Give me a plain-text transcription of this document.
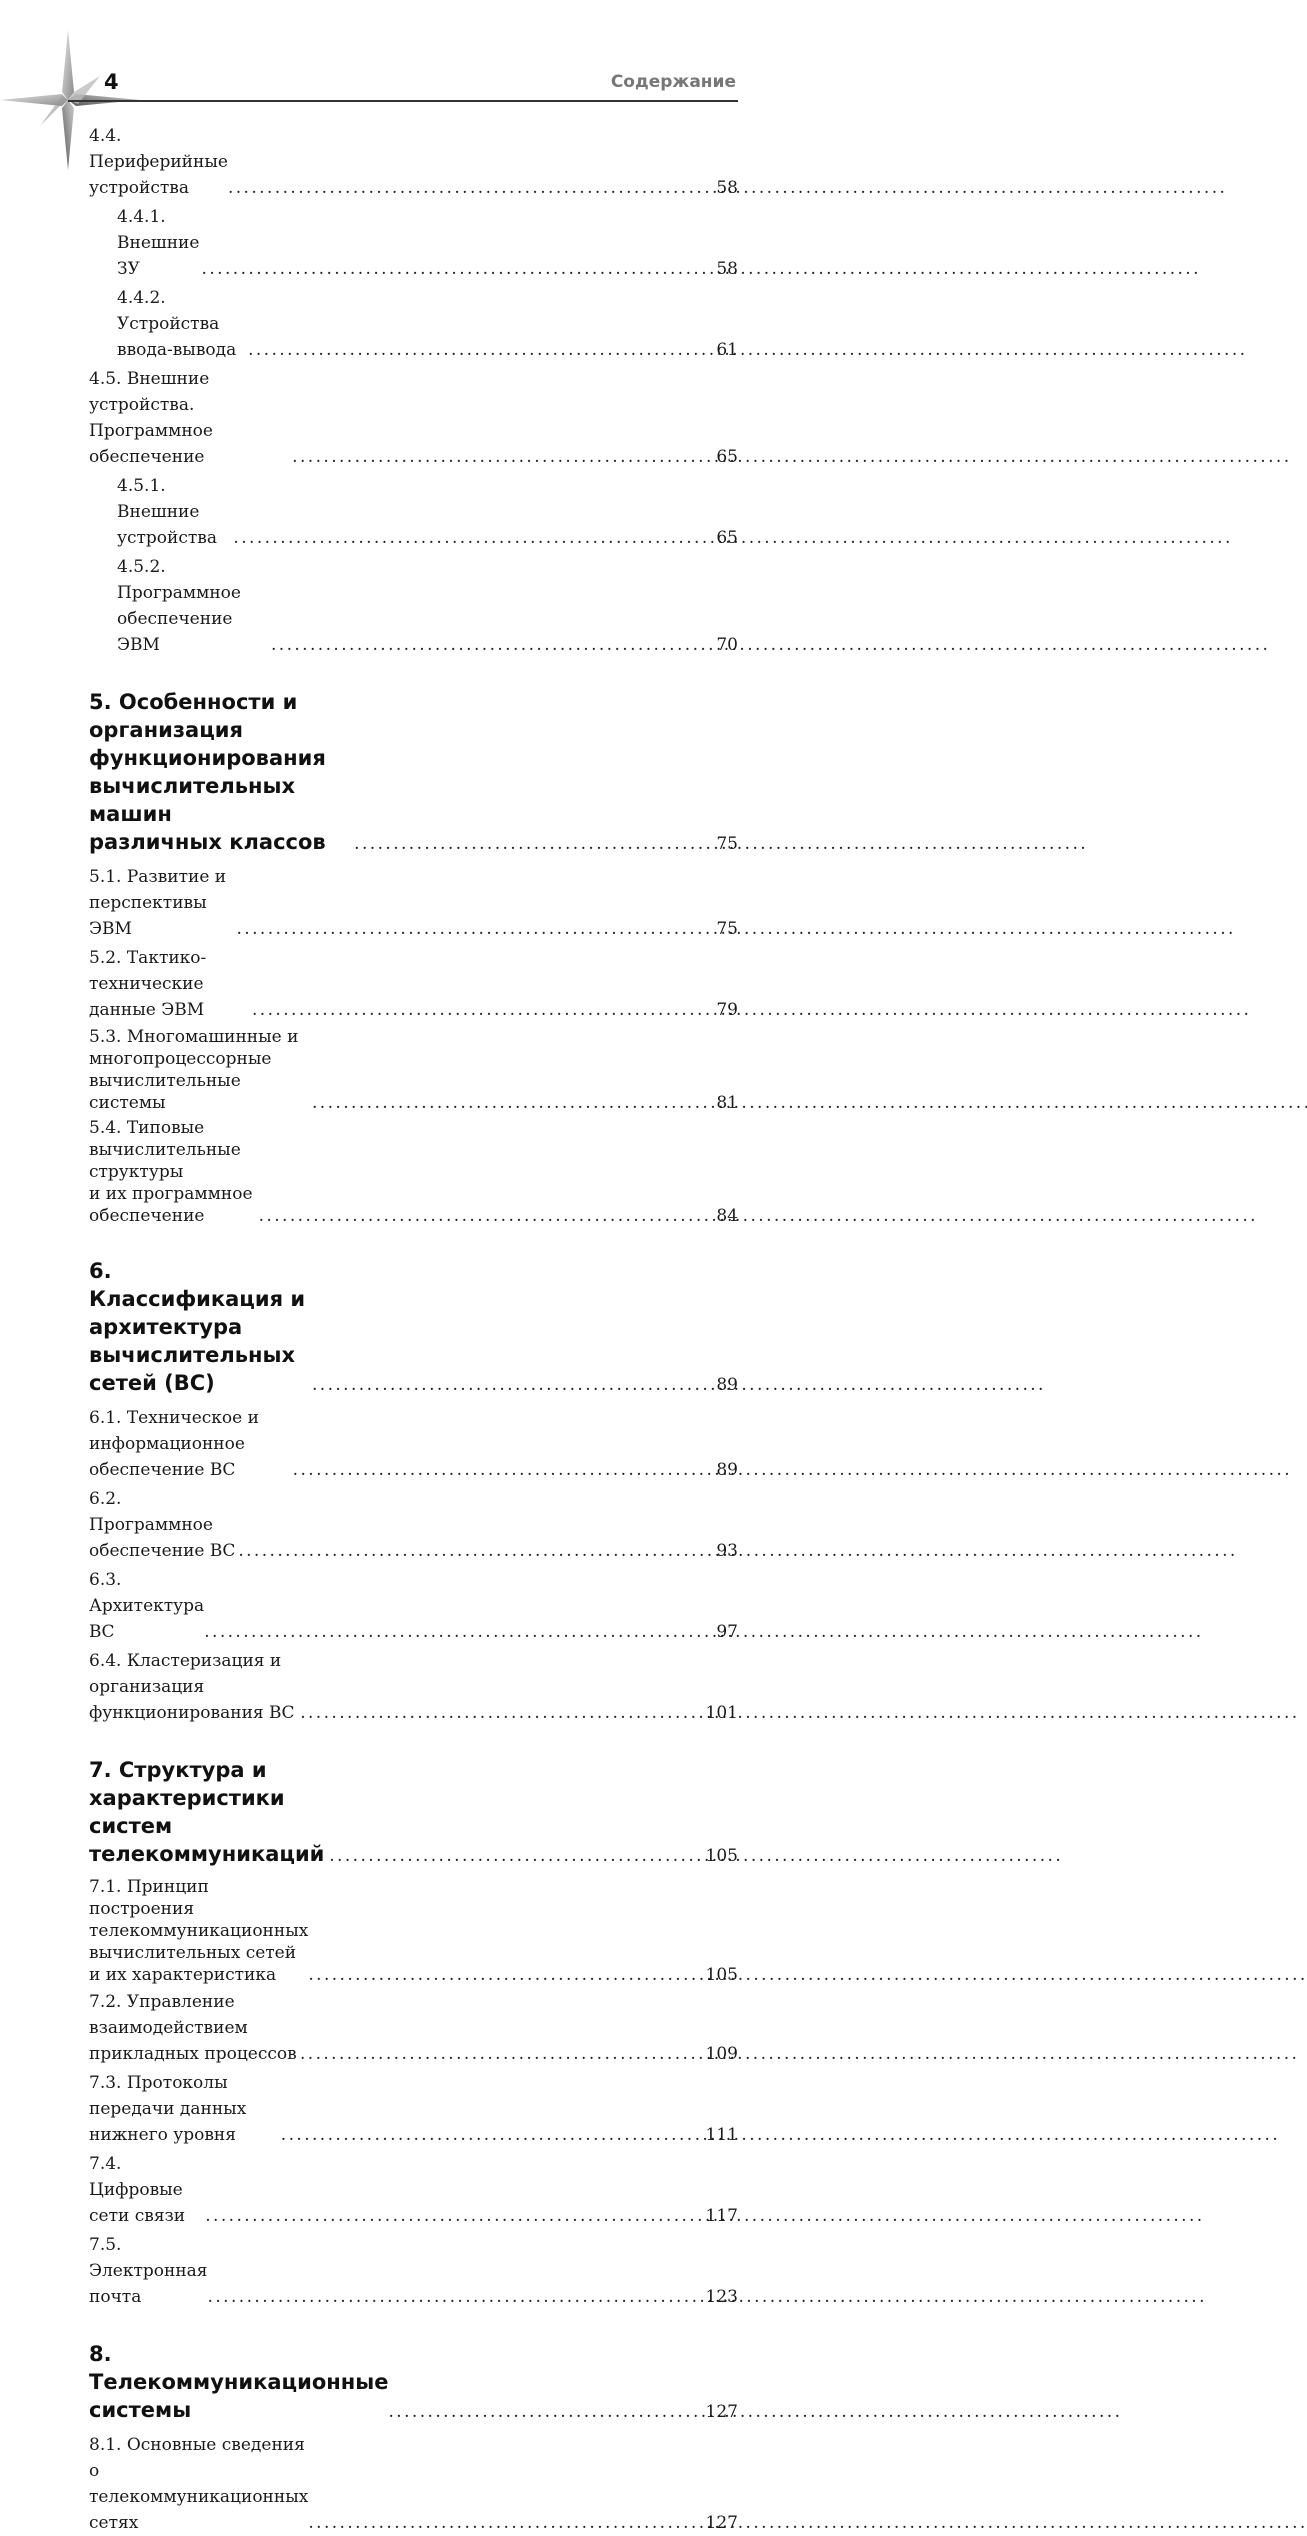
4	Содержание
4.4. Периферийные устройства . . .	58
4.4.1. Внешние ЗУ . . .	58
4.4.2. Устройства ввода-вывода . . .	61
4.5. Внешние устройства. Программное обеспечение . . .	65
4.5.1. Внешние устройства . . .	65
4.5.2. Программное обеспечение ЭВМ . . .	70
5. Особенности и организация
функционирования вычислительных машин
различных классов . . .	75
5.1. Развитие и перспективы ЭВМ . . .	75
5.2. Тактико-технические данные ЭВМ . . .	79
5.3. Многомашинные и многопроцессорные вычислительные
системы . . .	81
5.4. Типовые вычислительные структуры
и их программное обеспечение . . .	84
6. Классификация и архитектура
вычислительных сетей (ВС) . . .	89
6.1. Техническое и информационное обеспечение ВС . . .	89
6.2. Программное обеспечение ВС . . .	93
6.3. Архитектура ВС . . .	97
6.4. Кластеризация и организация функционирования ВС . . .	101
7. Структура и характеристики систем
телекоммуникаций . . .	105
7.1. Принцип построения телекоммуникационных
вычислительных сетей и их характеристика . . .	105
7.2. Управление взаимодействием прикладных процессов . . .	109
7.3. Протоколы передачи данных нижнего уровня . . .	111
7.4. Цифровые сети связи . . .	117
7.5. Электронная почта . . .	123
8. Телекоммуникационные системы . . .	127
8.1. Основные сведения о телекоммуникационных сетях . . .	127
